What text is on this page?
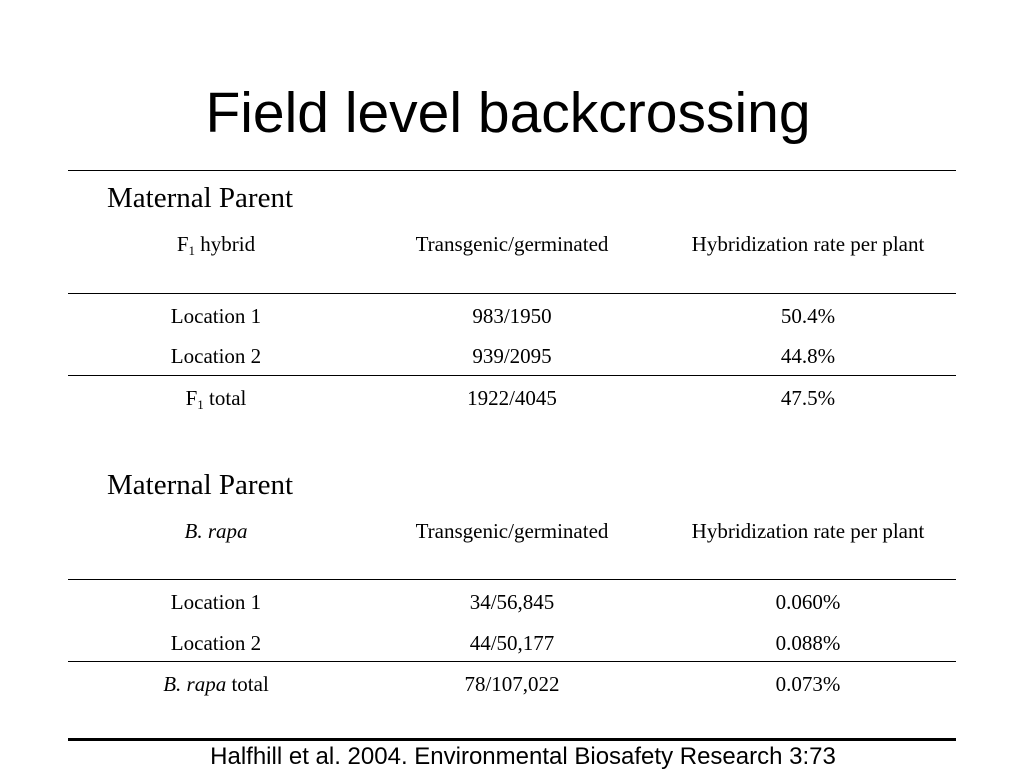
Field level backcrossing
Maternal Parent
$F_1$ hybrid	Transgenic/germinated	Hybridization rate per plant
Location 1	983/1950	50.4%
Location 2	939/2095	44.8%
$F_1$ total	1922/4045	47.5%
Maternal Parent
B. rapa	Transgenic/germinated	Hybridization rate per plant
Location 1	34/56,845	0.060%
Location 2	44/50,177	0.088%
B. rapa total	78/107,022	0.073%
Halfhill et al. 2004. Environmental Biosafety Research 3:73
